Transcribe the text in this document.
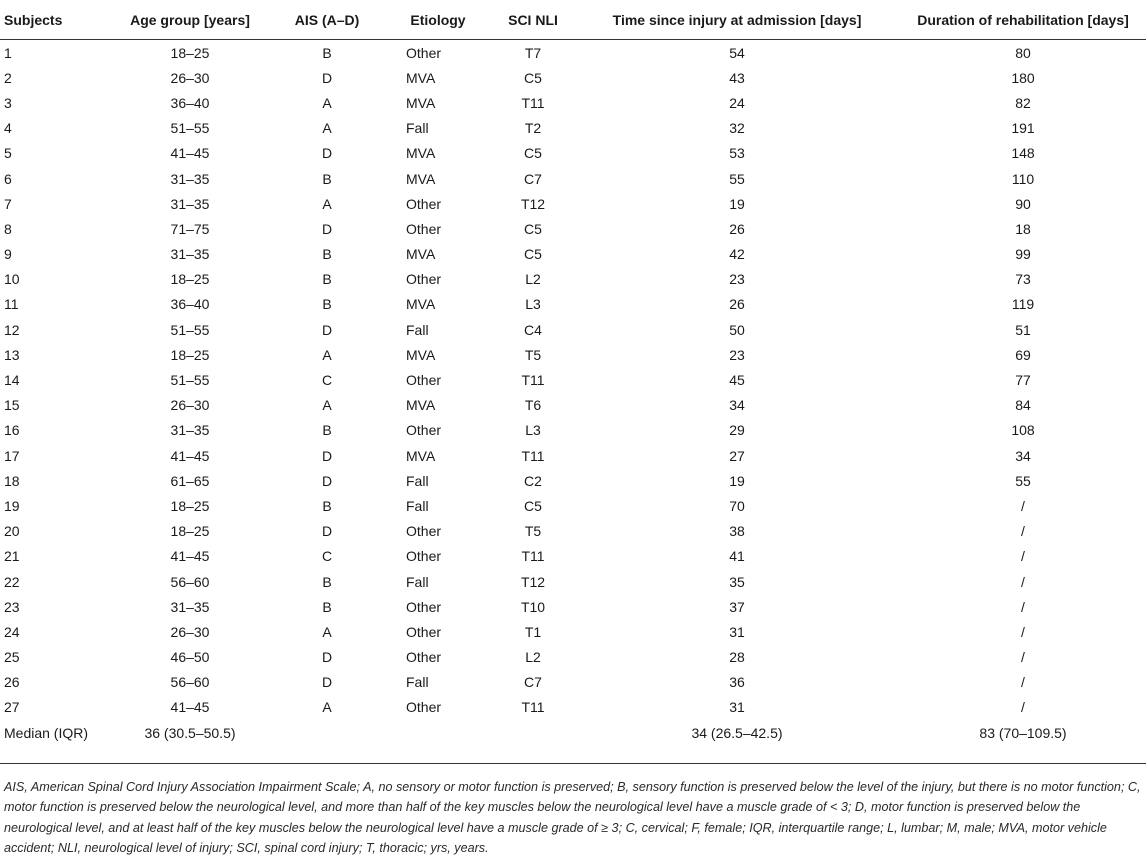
Subjects	Age group [years]	AIS (A–D)	Etiology	SCI NLI	Time since injury at admission [days]	Duration of rehabilitation [days]
1	18–25	B	Other	T7	54	80
2	26–30	D	MVA	C5	43	180
3	36–40	A	MVA	T11	24	82
4	51–55	A	Fall	T2	32	191
5	41–45	D	MVA	C5	53	148
6	31–35	B	MVA	C7	55	110
7	31–35	A	Other	T12	19	90
8	71–75	D	Other	C5	26	18
9	31–35	B	MVA	C5	42	99
10	18–25	B	Other	L2	23	73
11	36–40	B	MVA	L3	26	119
12	51–55	D	Fall	C4	50	51
13	18–25	A	MVA	T5	23	69
14	51–55	C	Other	T11	45	77
15	26–30	A	MVA	T6	34	84
16	31–35	B	Other	L3	29	108
17	41–45	D	MVA	T11	27	34
18	61–65	D	Fall	C2	19	55
19	18–25	B	Fall	C5	70	/
20	18–25	D	Other	T5	38	/
21	41–45	C	Other	T11	41	/
22	56–60	B	Fall	T12	35	/
23	31–35	B	Other	T10	37	/
24	26–30	A	Other	T1	31	/
25	46–50	D	Other	L2	28	/
26	56–60	D	Fall	C7	36	/
27	41–45	A	Other	T11	31	/
Median (IQR)	36 (30.5–50.5)				34 (26.5–42.5)	83 (70–109.5)
AIS, American Spinal Cord Injury Association Impairment Scale; A, no sensory or motor function is preserved; B, sensory function is preserved below the level of the injury, but there is no motor function; C, motor function is preserved below the neurological level, and more than half of the key muscles below the neurological level have a muscle grade of < 3; D, motor function is preserved below the neurological level, and at least half of the key muscles below the neurological level have a muscle grade of ≥ 3; C, cervical; F, female; IQR, interquartile range; L, lumbar; M, male; MVA, motor vehicle accident; NLI, neurological level of injury; SCI, spinal cord injury; T, thoracic; yrs, years.
